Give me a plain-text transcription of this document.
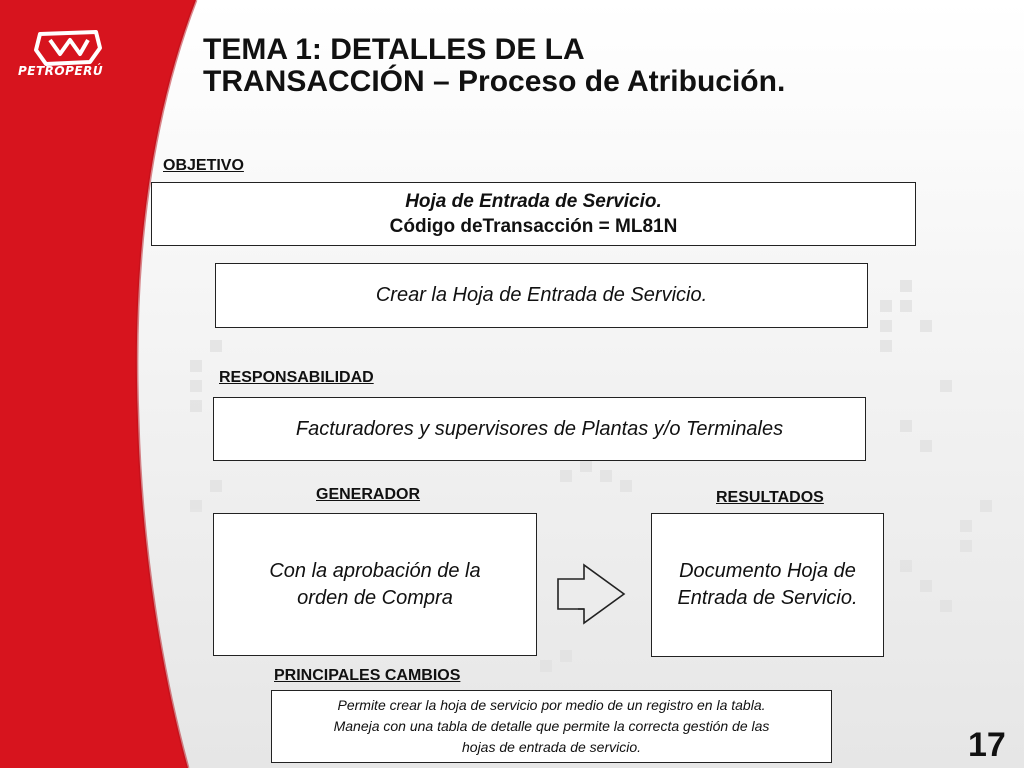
PETROPERÚ
TEMA 1: DETALLES DE LA
TRANSACCIÓN – Proceso de Atribución.
OBJETIVO
Hoja de Entrada de Servicio.
Código deTransacción = ML81N
Crear la Hoja de Entrada de Servicio.
RESPONSABILIDAD
Facturadores y supervisores de Plantas y/o Terminales
GENERADOR
Con la aprobación de la
orden de Compra
RESULTADOS
Documento Hoja de
Entrada de Servicio.
PRINCIPALES CAMBIOS
Permite crear la hoja de servicio por medio de un registro en la tabla.
Maneja con una tabla de detalle que permite la correcta gestión de las
hojas de entrada de servicio.	17
